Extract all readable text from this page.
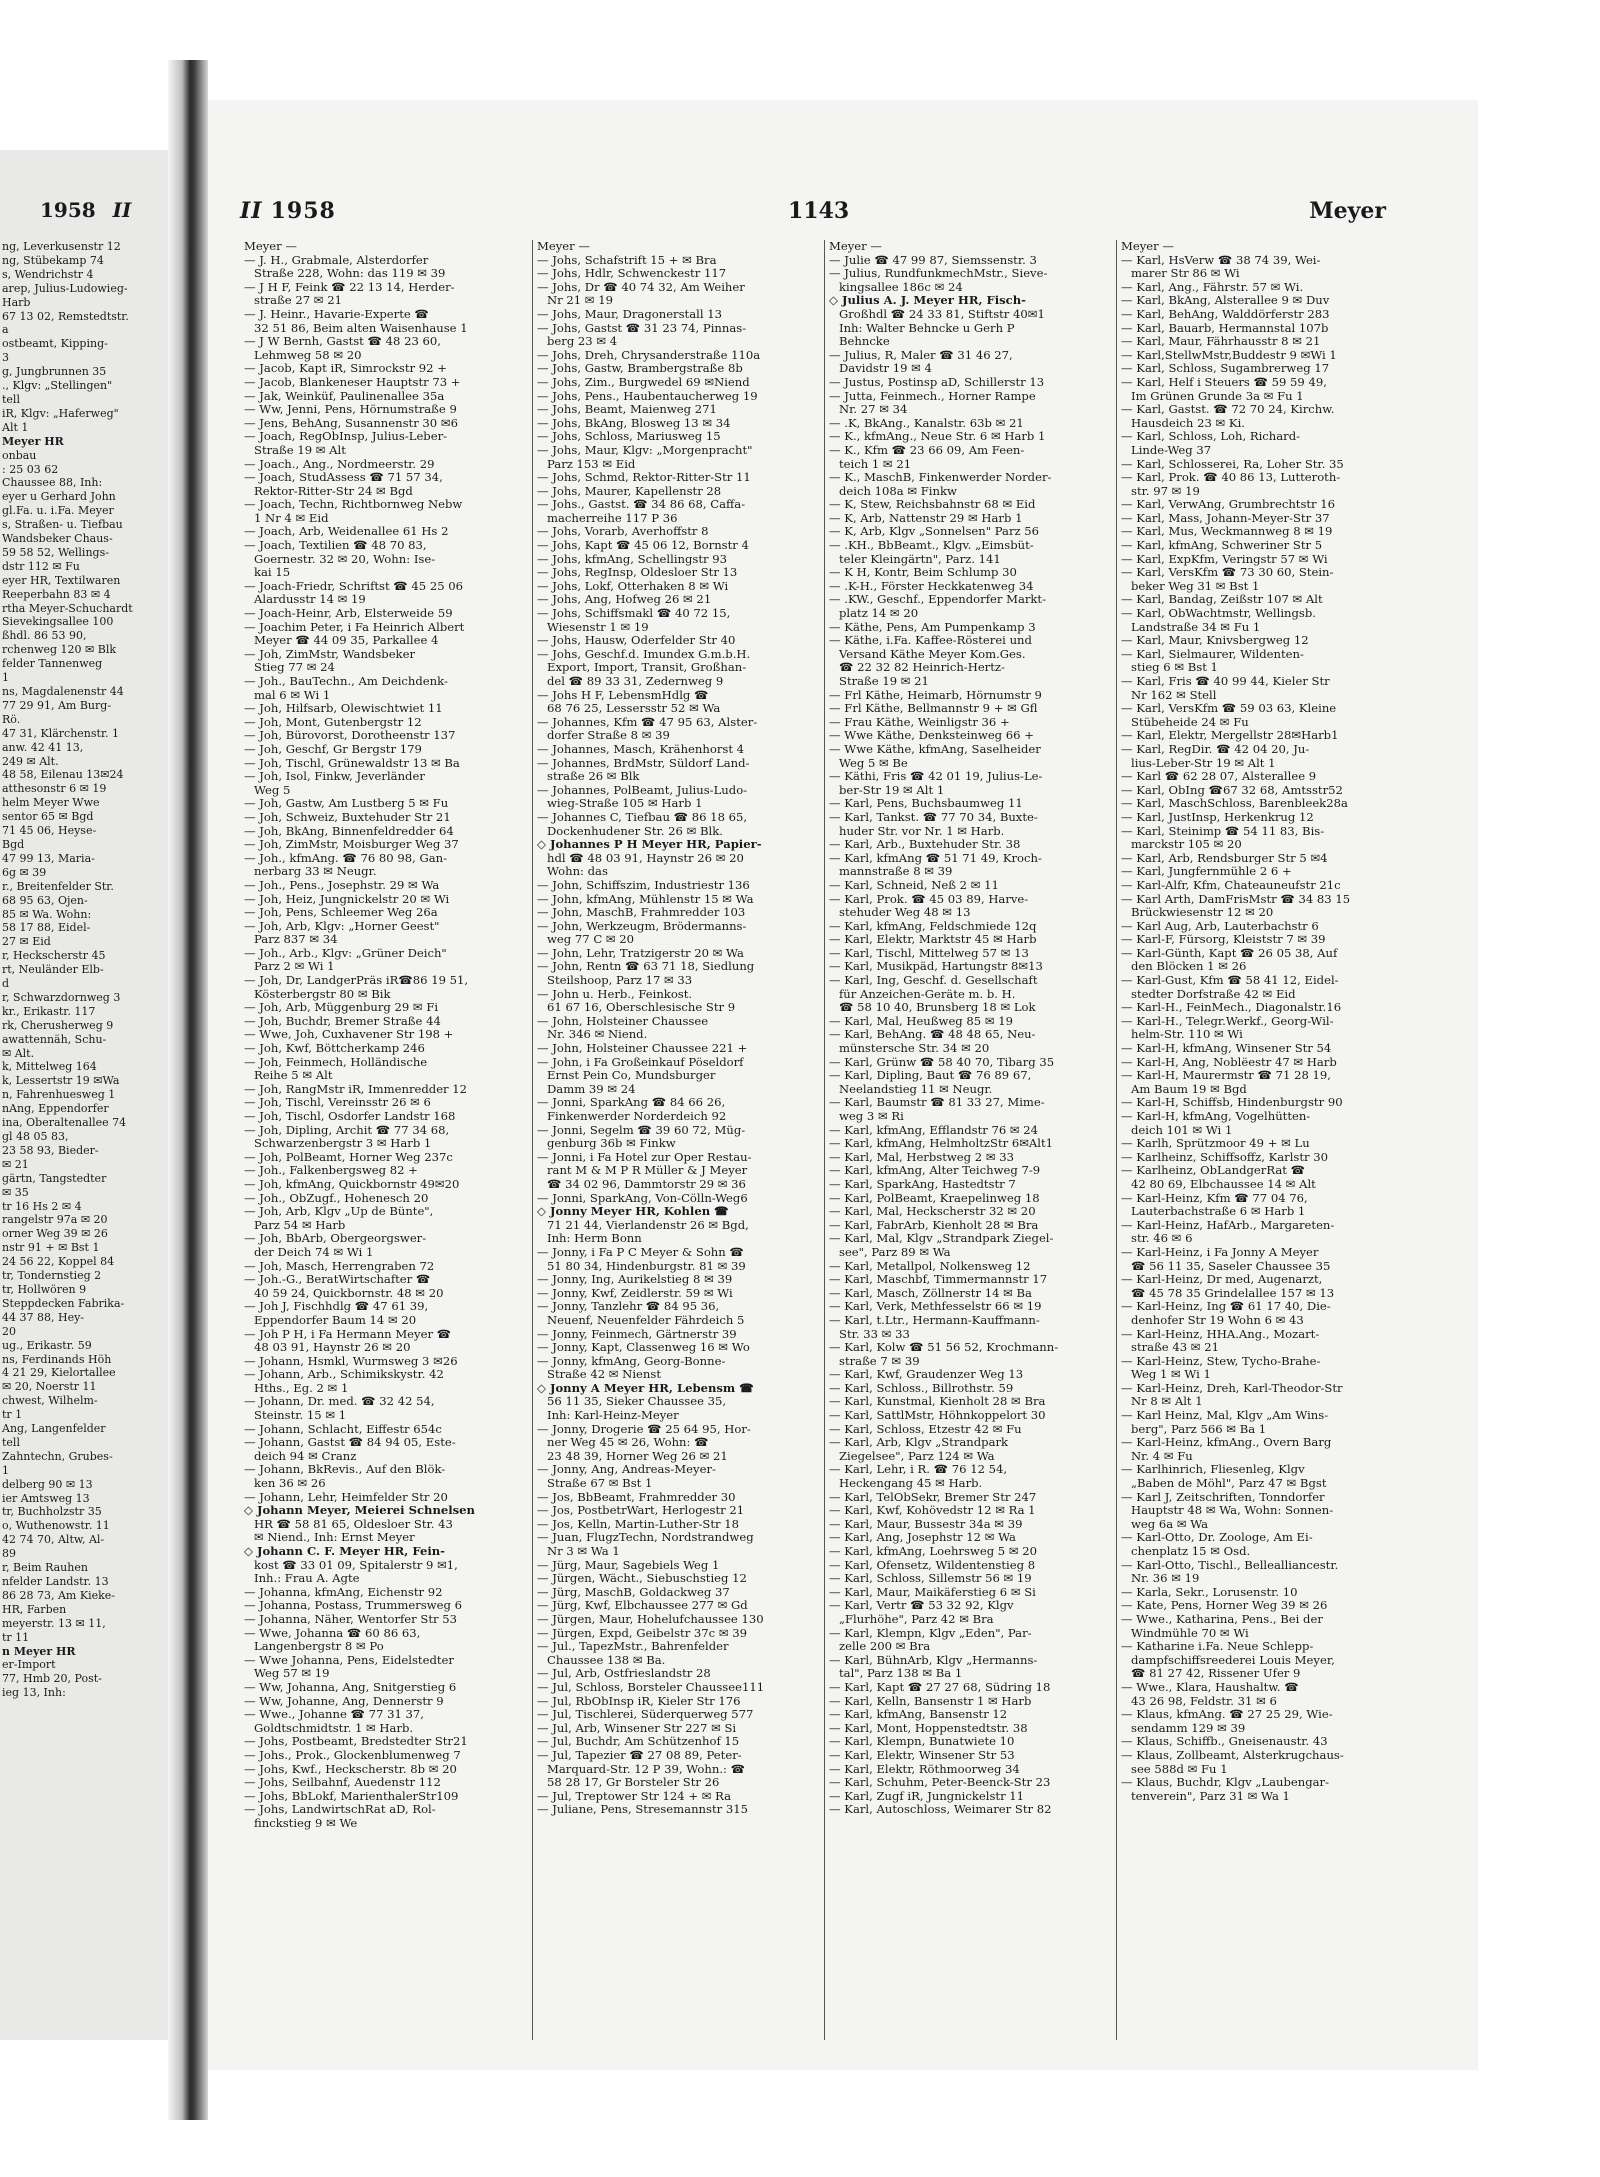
1958 II
ng, Leverkusenstr 12
ng, Stübekamp 74
s, Wendrichstr 4
arep, Julius-Ludowieg-
Harb
67 13 02, Remstedtstr.
a
ostbeamt, Kipping-
3
g, Jungbrunnen 35
., Klgv: „Stellingen"
tell
iR, Klgv: „Haferweg"
Alt 1
Meyer HR
onbau
: 25 03 62
Chaussee 88, Inh:
eyer u Gerhard John
gl.Fa. u. i.Fa. Meyer
s, Straßen- u. Tiefbau
Wandsbeker Chaus-
59 58 52, Wellings-
dstr 112 ✉ Fu
eyer HR, Textilwaren
Reeperbahn 83 ✉ 4
rtha Meyer-Schuchardt
Sievekingsallee 100
ßhdl. 86 53 90,
rchenweg 120 ✉ Blk
felder Tannenweg
1
ns, Magdalenenstr 44
77 29 91, Am Burg-
Rö.
47 31, Klärchenstr. 1
anw. 42 41 13,
249 ✉ Alt.
48 58, Eilenau 13✉24
atthesonstr 6 ✉ 19
helm Meyer Wwe
sentor 65 ✉ Bgd
71 45 06, Heyse-
Bgd
47 99 13, Maria-
6g ✉ 39
r., Breitenfelder Str.
68 95 63, Ojen-
85 ✉ Wa. Wohn:
58 17 88, Eidel-
27 ✉ Eid
r, Heckscherstr 45
rt, Neuländer Elb-
d
r, Schwarzdornweg 3
kr., Erikastr. 117
rk, Cherusherweg 9
awattennäh, Schu-
✉ Alt.
k, Mittelweg 164
k, Lessertstr 19 ✉Wa
n, Fahrenhuesweg 1
nAng, Eppendorfer
ina, Oberaltenallee 74
gl 48 05 83,
23 58 93, Bieder-
✉ 21
gärtn, Tangstedter
✉ 35
tr 16 Hs 2 ✉ 4
rangelstr 97a ✉ 20
orner Weg 39 ✉ 26
nstr 91 + ✉ Bst 1
24 56 22, Koppel 84
tr, Tondernstieg 2
tr, Hollwören 9
Steppdecken Fabrika-
44 37 88, Hey-
20
ug., Erikastr. 59
ns, Ferdinands Höh
4 21 29, Kielortallee
✉ 20, Noerstr 11
chwest, Wilhelm-
tr 1
Ang, Langenfelder
tell
Zahntechn, Grubes-
1
delberg 90 ✉ 13
ier Amtsweg 13
tr, Buchholzstr 35
o, Wuthenowstr. 11
42 74 70, Altw, Al-
89
r, Beim Rauhen
nfelder Landstr. 13
86 28 73, Am Kieke-
HR, Farben
meyerstr. 13 ✉ 11,
tr 11
n Meyer HR
er-Import
77, Hmb 20, Post-
ieg 13, Inh:
II 1958	1143	Meyer
Meyer —
— J. H., Grabmale, Alsterdorfer
Straße 228, Wohn: das 119 ✉ 39
— J H F, Feink ☎ 22 13 14, Herder-
straße 27 ✉ 21
— J. Heinr., Havarie-Experte ☎
32 51 86, Beim alten Waisenhause 1
— J W Bernh, Gastst ☎ 48 23 60,
Lehmweg 58 ✉ 20
— Jacob, Kapt iR, Simrockstr 92 +
— Jacob, Blankeneser Hauptstr 73 +
— Jak, Weinküf, Paulinenallee 35a
— Ww, Jenni, Pens, Hörnumstraße 9
— Jens, BehAng, Susannenstr 30 ✉6
— Joach, RegObInsp, Julius-Leber-
Straße 19 ✉ Alt
— Joach., Ang., Nordmeerstr. 29
— Joach, StudAssess ☎ 71 57 34,
Rektor-Ritter-Str 24 ✉ Bgd
— Joach, Techn, Richtbornweg Nebw
1 Nr 4 ✉ Eid
— Joach, Arb, Weidenallee 61 Hs 2
— Joach, Textilien ☎ 48 70 83,
Goernestr. 32 ✉ 20, Wohn: Ise-
kai 15
— Joach-Friedr, Schriftst ☎ 45 25 06
Alardusstr 14 ✉ 19
— Joach-Heinr, Arb, Elsterweide 59
— Joachim Peter, i Fa Heinrich Albert
Meyer ☎ 44 09 35, Parkallee 4
— Joh, ZimMstr, Wandsbeker
Stieg 77 ✉ 24
— Joh., BauTechn., Am Deichdenk-
mal 6 ✉ Wi 1
— Joh, Hilfsarb, Olewischtwiet 11
— Joh, Mont, Gutenbergstr 12
— Joh, Bürovorst, Dorotheenstr 137
— Joh, Geschf, Gr Bergstr 179
— Joh, Tischl, Grünewaldstr 13 ✉ Ba
— Joh, Isol, Finkw, Jeverländer
Weg 5
— Joh, Gastw, Am Lustberg 5 ✉ Fu
— Joh, Schweiz, Buxtehuder Str 21
— Joh, BkAng, Binnenfeldredder 64
— Joh, ZimMstr, Moisburger Weg 37
— Joh., kfmAng. ☎ 76 80 98, Gan-
nerbarg 33 ✉ Neugr.
— Joh., Pens., Josephstr. 29 ✉ Wa
— Joh, Heiz, Jungnickelstr 20 ✉ Wi
— Joh, Pens, Schleemer Weg 26a
— Joh, Arb, Klgv: „Horner Geest"
Parz 837 ✉ 34
— Joh., Arb., Klgv: „Grüner Deich"
Parz 2 ✉ Wi 1
— Joh, Dr, LandgerPräs iR☎86 19 51,
Kösterbergstr 80 ✉ Bik
— Joh, Arb, Müggenburg 29 ✉ Fi
— Joh, Buchdr, Bremer Straße 44
— Wwe, Joh, Cuxhavener Str 198 +
— Joh, Kwf, Böttcherkamp 246
— Joh, Feinmech, Holländische
Reihe 5 ✉ Alt
— Joh, RangMstr iR, Immenredder 12
— Joh, Tischl, Vereinsstr 26 ✉ 6
— Joh, Tischl, Osdorfer Landstr 168
— Joh, Dipling, Archit ☎ 77 34 68,
Schwarzenbergstr 3 ✉ Harb 1
— Joh, PolBeamt, Horner Weg 237c
— Joh., Falkenbergsweg 82 +
— Joh, kfmAng, Quickbornstr 49✉20
— Joh., ObZugf., Hohenesch 20
— Joh, Arb, Klgv „Up de Bünte",
Parz 54 ✉ Harb
— Joh, BbArb, Obergeorgswer-
der Deich 74 ✉ Wi 1
— Joh, Masch, Herrengraben 72
— Joh.-G., BeratWirtschafter ☎
40 59 24, Quickbornstr. 48 ✉ 20
— Joh J, Fischhdlg ☎ 47 61 39,
Eppendorfer Baum 14 ✉ 20
— Joh P H, i Fa Hermann Meyer ☎
48 03 91, Haynstr 26 ✉ 20
— Johann, Hsmkl, Wurmsweg 3 ✉26
— Johann, Arb., Schimikskystr. 42
Hths., Eg. 2 ✉ 1
— Johann, Dr. med. ☎ 32 42 54,
Steinstr. 15 ✉ 1
— Johann, Schlacht, Eiffestr 654c
— Johann, Gastst ☎ 84 94 05, Este-
deich 94 ✉ Cranz
— Johann, BkRevis., Auf den Blök-
ken 36 ✉ 26
— Johann, Lehr, Heimfelder Str 20
◇ Johann Meyer, Meierei Schnelsen
HR ☎ 58 81 65, Oldesloer Str. 43
✉ Niend., Inh: Ernst Meyer
◇ Johann C. F. Meyer HR, Fein-
kost ☎ 33 01 09, Spitalerstr 9 ✉1,
Inh.: Frau A. Agte
— Johanna, kfmAng, Eichenstr 92
— Johanna, Postass, Trummersweg 6
— Johanna, Näher, Wentorfer Str 53
— Wwe, Johanna ☎ 60 86 63,
Langenbergstr 8 ✉ Po
— Wwe Johanna, Pens, Eidelstedter
Weg 57 ✉ 19
— Ww, Johanna, Ang, Snitgerstieg 6
— Ww, Johanne, Ang, Dennerstr 9
— Wwe., Johanne ☎ 77 31 37,
Goldtschmidtstr. 1 ✉ Harb.
— Johs, Postbeamt, Bredstedter Str21
— Johs., Prok., Glockenblumenweg 7
— Johs, Kwf., Heckscherstr. 8b ✉ 20
— Johs, Seilbahnf, Auedenstr 112
— Johs, BbLokf, MarienthalerStr109
— Johs, LandwirtschRat aD, Rol-
finckstieg 9 ✉ We
Meyer —
— Johs, Schafstrift 15 + ✉ Bra
— Johs, Hdlr, Schwenckestr 117
— Johs, Dr ☎ 40 74 32, Am Weiher
Nr 21 ✉ 19
— Johs, Maur, Dragonerstall 13
— Johs, Gastst ☎ 31 23 74, Pinnas-
berg 23 ✉ 4
— Johs, Dreh, Chrysanderstraße 110a
— Johs, Gastw, Brambergstraße 8b
— Johs, Zim., Burgwedel 69 ✉Niend
— Johs, Pens., Haubentaucherweg 19
— Johs, Beamt, Maienweg 271
— Johs, BkAng, Blosweg 13 ✉ 34
— Johs, Schloss, Mariusweg 15
— Johs, Maur, Klgv: „Morgenpracht"
Parz 153 ✉ Eid
— Johs, Schmd, Rektor-Ritter-Str 11
— Johs, Maurer, Kapellenstr 28
— Johs., Gastst. ☎ 34 86 68, Caffa-
macherreihe 117 P 36
— Johs, Vorarb, Averhoffstr 8
— Johs, Kapt ☎ 45 06 12, Bornstr 4
— Johs, kfmAng, Schellingstr 93
— Johs, RegInsp, Oldesloer Str 13
— Johs, Lokf, Otterhaken 8 ✉ Wi
— Johs, Ang, Hofweg 26 ✉ 21
— Johs, Schiffsmakl ☎ 40 72 15,
Wiesenstr 1 ✉ 19
— Johs, Hausw, Oderfelder Str 40
— Johs, Geschf.d. Imundex G.m.b.H.
Export, Import, Transit, Großhan-
del ☎ 89 33 31, Zedernweg 9
— Johs H F, LebensmHdlg ☎
68 76 25, Lessersstr 52 ✉ Wa
— Johannes, Kfm ☎ 47 95 63, Alster-
dorfer Straße 8 ✉ 39
— Johannes, Masch, Krähenhorst 4
— Johannes, BrdMstr, Süldorf Land-
straße 26 ✉ Blk
— Johannes, PolBeamt, Julius-Ludo-
wieg-Straße 105 ✉ Harb 1
— Johannes C, Tiefbau ☎ 86 18 65,
Dockenhudener Str. 26 ✉ Blk.
◇ Johannes P H Meyer HR, Papier-
hdl ☎ 48 03 91, Haynstr 26 ✉ 20
Wohn: das
— John, Schiffszim, Industriestr 136
— John, kfmAng, Mühlenstr 15 ✉ Wa
— John, MaschB, Frahmredder 103
— John, Werkzeugm, Brödermanns-
weg 77 C ✉ 20
— John, Lehr, Tratzigerstr 20 ✉ Wa
— John, Rentn ☎ 63 71 18, Siedlung
Steilshoop, Parz 17 ✉ 33
— John u. Herb., Feinkost.
61 67 16, Oberschlesische Str 9
— John, Holsteiner Chaussee
Nr. 346 ✉ Niend.
— John, Holsteiner Chaussee 221 +
— John, i Fa Großeinkauf Pöseldorf
Ernst Pein Co, Mundsburger
Damm 39 ✉ 24
— Jonni, SparkAng ☎ 84 66 26,
Finkenwerder Norderdeich 92
— Jonni, Segelm ☎ 39 60 72, Müg-
genburg 36b ✉ Finkw
— Jonni, i Fa Hotel zur Oper Restau-
rant M & M P R Müller & J Meyer
☎ 34 02 96, Dammtorstr 29 ✉ 36
— Jonni, SparkAng, Von-Cölln-Weg6
◇ Jonny Meyer HR, Kohlen ☎
71 21 44, Vierlandenstr 26 ✉ Bgd,
Inh: Herm Bonn
— Jonny, i Fa P C Meyer & Sohn ☎
51 80 34, Hindenburgstr. 81 ✉ 39
— Jonny, Ing, Aurikelstieg 8 ✉ 39
— Jonny, Kwf, Zeidlerstr. 59 ✉ Wi
— Jonny, Tanzlehr ☎ 84 95 36,
Neuenf, Neuenfelder Fährdeich 5
— Jonny, Feinmech, Gärtnerstr 39
— Jonny, Kapt, Classenweg 16 ✉ Wo
— Jonny, kfmAng, Georg-Bonne-
Straße 42 ✉ Nienst
◇ Jonny A Meyer HR, Lebensm ☎
56 11 35, Sieker Chaussee 35,
Inh: Karl-Heinz-Meyer
— Jonny, Drogerie ☎ 25 64 95, Hor-
ner Weg 45 ✉ 26, Wohn: ☎
23 48 39, Horner Weg 26 ✉ 21
— Jonny, Ang, Andreas-Meyer-
Straße 67 ✉ Bst 1
— Jos, BbBeamt, Frahmredder 30
— Jos, PostbetrWart, Herlogestr 21
— Jos, Kelln, Martin-Luther-Str 18
— Juan, FlugzTechn, Nordstrandweg
Nr 3 ✉ Wa 1
— Jürg, Maur, Sagebiels Weg 1
— Jürgen, Wächt., Siebuschstieg 12
— Jürg, MaschB, Goldackweg 37
— Jürg, Kwf, Elbchaussee 277 ✉ Gd
— Jürgen, Maur, Hohelufchaussee 130
— Jürgen, Expd, Geibelstr 37c ✉ 39
— Jul., TapezMstr., Bahrenfelder
Chaussee 138 ✉ Ba.
— Jul, Arb, Ostfrieslandstr 28
— Jul, Schloss, Borsteler Chaussee111
— Jul, RbObInsp iR, Kieler Str 176
— Jul, Tischlerei, Süderquerweg 577
— Jul, Arb, Winsener Str 227 ✉ Si
— Jul, Buchdr, Am Schützenhof 15
— Jul, Tapezier ☎ 27 08 89, Peter-
Marquard-Str. 12 P 39, Wohn.: ☎
58 28 17, Gr Borsteler Str 26
— Jul, Treptower Str 124 + ✉ Ra
— Juliane, Pens, Stresemannstr 315
Meyer —
— Julie ☎ 47 99 87, Siemssenstr. 3
— Julius, RundfunkmechMstr., Sieve-
kingsallee 186c ✉ 24
◇ Julius A. J. Meyer HR, Fisch-
Großhdl ☎ 24 33 81, Stiftstr 40✉1
Inh: Walter Behncke u Gerh P
Behncke
— Julius, R, Maler ☎ 31 46 27,
Davidstr 19 ✉ 4
— Justus, Postinsp aD, Schillerstr 13
— Jutta, Feinmech., Horner Rampe
Nr. 27 ✉ 34
— .K, BkAng., Kanalstr. 63b ✉ 21
— K., kfmAng., Neue Str. 6 ✉ Harb 1
— K., Kfm ☎ 23 66 09, Am Feen-
teich 1 ✉ 21
— K., MaschB, Finkenwerder Norder-
deich 108a ✉ Finkw
— K, Stew, Reichsbahnstr 68 ✉ Eid
— K, Arb, Nattenstr 29 ✉ Harb 1
— K, Arb, Klgv „Sonnelsen" Parz 56
— .KH., BbBeamt., Klgv. „Eimsbüt-
teler Kleingärtn", Parz. 141
— K H, Kontr, Beim Schlump 30
— .K-H., Förster Heckkatenweg 34
— .KW., Geschf., Eppendorfer Markt-
platz 14 ✉ 20
— Käthe, Pens, Am Pumpenkamp 3
— Käthe, i.Fa. Kaffee-Rösterei und
Versand Käthe Meyer Kom.Ges.
☎ 22 32 82 Heinrich-Hertz-
Straße 19 ✉ 21
— Frl Käthe, Heimarb, Hörnumstr 9
— Frl Käthe, Bellmannstr 9 + ✉ Gfl
— Frau Käthe, Weinligstr 36 +
— Wwe Käthe, Denksteinweg 66 +
— Wwe Käthe, kfmAng, Saselheider
Weg 5 ✉ Be
— Käthi, Fris ☎ 42 01 19, Julius-Le-
ber-Str 19 ✉ Alt 1
— Karl, Pens, Buchsbaumweg 11
— Karl, Tankst. ☎ 77 70 34, Buxte-
huder Str. vor Nr. 1 ✉ Harb.
— Karl, Arb., Buxtehuder Str. 38
— Karl, kfmAng ☎ 51 71 49, Kroch-
mannstraße 8 ✉ 39
— Karl, Schneid, Neß 2 ✉ 11
— Karl, Prok. ☎ 45 03 89, Harve-
stehuder Weg 48 ✉ 13
— Karl, kfmAng, Feldschmiede 12q
— Karl, Elektr, Marktstr 45 ✉ Harb
— Karl, Tischl, Mittelweg 57 ✉ 13
— Karl, Musikpäd, Hartungstr 8✉13
— Karl, Ing, Geschf. d. Gesellschaft
für Anzeichen-Geräte m. b. H.
☎ 58 10 40, Brunsberg 18 ✉ Lok
— Karl, Mal, Heußweg 85 ✉ 19
— Karl, BehAng. ☎ 48 48 65, Neu-
münstersche Str. 34 ✉ 20
— Karl, Grünw ☎ 58 40 70, Tibarg 35
— Karl, Dipling, Baut ☎ 76 89 67,
Neelandstieg 11 ✉ Neugr.
— Karl, Baumstr ☎ 81 33 27, Mime-
weg 3 ✉ Ri
— Karl, kfmAng, Efflandstr 76 ✉ 24
— Karl, kfmAng, HelmholtzStr 6✉Alt1
— Karl, Mal, Herbstweg 2 ✉ 33
— Karl, kfmAng, Alter Teichweg 7-9
— Karl, SparkAng, Hastedtstr 7
— Karl, PolBeamt, Kraepelinweg 18
— Karl, Mal, Heckscherstr 32 ✉ 20
— Karl, FabrArb, Kienholt 28 ✉ Bra
— Karl, Mal, Klgv „Strandpark Ziegel-
see", Parz 89 ✉ Wa
— Karl, Metallpol, Nolkensweg 12
— Karl, Maschbf, Timmermannstr 17
— Karl, Masch, Zöllnerstr 14 ✉ Ba
— Karl, Verk, Methfesselstr 66 ✉ 19
— Karl, t.Ltr., Hermann-Kauffmann-
Str. 33 ✉ 33
— Karl, Kolw ☎ 51 56 52, Krochmann-
straße 7 ✉ 39
— Karl, Kwf, Graudenzer Weg 13
— Karl, Schloss., Billrothstr. 59
— Karl, Kunstmal, Kienholt 28 ✉ Bra
— Karl, SattlMstr, Höhnkoppelort 30
— Karl, Schloss, Etzestr 42 ✉ Fu
— Karl, Arb, Klgv „Strandpark
Ziegelsee", Parz 124 ✉ Wa
— Karl, Lehr, i R. ☎ 76 12 54,
Heckengang 45 ✉ Harb.
— Karl, TelObSekr, Bremer Str 247
— Karl, Kwf, Kohövedstr 12 ✉ Ra 1
— Karl, Maur, Bussestr 34a ✉ 39
— Karl, Ang, Josephstr 12 ✉ Wa
— Karl, kfmAng, Loehrsweg 5 ✉ 20
— Karl, Ofensetz, Wildentenstieg 8
— Karl, Schloss, Sillemstr 56 ✉ 19
— Karl, Maur, Maikäferstieg 6 ✉ Si
— Karl, Vertr ☎ 53 32 92, Klgv
„Flurhöhe", Parz 42 ✉ Bra
— Karl, Klempn, Klgv „Eden", Par-
zelle 200 ✉ Bra
— Karl, BühnArb, Klgv „Hermanns-
tal", Parz 138 ✉ Ba 1
— Karl, Kapt ☎ 27 27 68, Südring 18
— Karl, Kelln, Bansenstr 1 ✉ Harb
— Karl, kfmAng, Bansenstr 12
— Karl, Mont, Hoppenstedtstr. 38
— Karl, Klempn, Bunatwiete 10
— Karl, Elektr, Winsener Str 53
— Karl, Elektr, Röthmoorweg 34
— Karl, Schuhm, Peter-Beenck-Str 23
— Karl, Zugf iR, Jungnickelstr 11
— Karl, Autoschloss, Weimarer Str 82
Meyer —
— Karl, HsVerw ☎ 38 74 39, Wei-
marer Str 86 ✉ Wi
— Karl, Ang., Fährstr. 57 ✉ Wi.
— Karl, BkAng, Alsterallee 9 ✉ Duv
— Karl, BehAng, Walddörferstr 283
— Karl, Bauarb, Hermannstal 107b
— Karl, Maur, Fährhausstr 8 ✉ 21
— Karl,StellwMstr,Buddestr 9 ✉Wi 1
— Karl, Schloss, Sugambrerweg 17
— Karl, Helf i Steuers ☎ 59 59 49,
Im Grünen Grunde 3a ✉ Fu 1
— Karl, Gastst. ☎ 72 70 24, Kirchw.
Hausdeich 23 ✉ Ki.
— Karl, Schloss, Loh, Richard-
Linde-Weg 37
— Karl, Schlosserei, Ra, Loher Str. 35
— Karl, Prok. ☎ 40 86 13, Lutteroth-
str. 97 ✉ 19
— Karl, VerwAng, Grumbrechtstr 16
— Karl, Mass, Johann-Meyer-Str 37
— Karl, Mus, Weckmannweg 8 ✉ 19
— Karl, kfmAng, Schweriner Str 5
— Karl, ExpKfm, Veringstr 57 ✉ Wi
— Karl, VersKfm ☎ 73 30 60, Stein-
beker Weg 31 ✉ Bst 1
— Karl, Bandag, Zeißstr 107 ✉ Alt
— Karl, ObWachtmstr, Wellingsb.
Landstraße 34 ✉ Fu 1
— Karl, Maur, Knivsbergweg 12
— Karl, Sielmaurer, Wildenten-
stieg 6 ✉ Bst 1
— Karl, Fris ☎ 40 99 44, Kieler Str
Nr 162 ✉ Stell
— Karl, VersKfm ☎ 59 03 63, Kleine
Stübeheide 24 ✉ Fu
— Karl, Elektr, Mergellstr 28✉Harb1
— Karl, RegDir. ☎ 42 04 20, Ju-
lius-Leber-Str 19 ✉ Alt 1
— Karl ☎ 62 28 07, Alsterallee 9
— Karl, ObIng ☎67 32 68, Amtsstr52
— Karl, MaschSchloss, Barenbleek28a
— Karl, JustInsp, Herkenkrug 12
— Karl, Steinimp ☎ 54 11 83, Bis-
marckstr 105 ✉ 20
— Karl, Arb, Rendsburger Str 5 ✉4
— Karl, Jungfernmühle 2 6 +
— Karl-Alfr, Kfm, Chateauneufstr 21c
— Karl Arth, DamFrisMstr ☎ 34 83 15
Brückwiesenstr 12 ✉ 20
— Karl Aug, Arb, Lauterbachstr 6
— Karl-F, Fürsorg, Kleiststr 7 ✉ 39
— Karl-Günth, Kapt ☎ 26 05 38, Auf
den Blöcken 1 ✉ 26
— Karl-Gust, Kfm ☎ 58 41 12, Eidel-
stedter Dorfstraße 42 ✉ Eid
— Karl-H., FeinMech., Diagonalstr.16
— Karl-H., Telegr.Werkf., Georg-Wil-
helm-Str. 110 ✉ Wi
— Karl-H, kfmAng, Winsener Str 54
— Karl-H, Ang, Noblëestr 47 ✉ Harb
— Karl-H, Maurermstr ☎ 71 28 19,
Am Baum 19 ✉ Bgd
— Karl-H, Schiffsb, Hindenburgstr 90
— Karl-H, kfmAng, Vogelhütten-
deich 101 ✉ Wi 1
— Karlh, Sprützmoor 49 + ✉ Lu
— Karlheinz, Schiffsoffz, Karlstr 30
— Karlheinz, ObLandgerRat ☎
42 80 69, Elbchaussee 14 ✉ Alt
— Karl-Heinz, Kfm ☎ 77 04 76,
Lauterbachstraße 6 ✉ Harb 1
— Karl-Heinz, HafArb., Margareten-
str. 46 ✉ 6
— Karl-Heinz, i Fa Jonny A Meyer
☎ 56 11 35, Saseler Chaussee 35
— Karl-Heinz, Dr med, Augenarzt,
☎ 45 78 35 Grindelallee 157 ✉ 13
— Karl-Heinz, Ing ☎ 61 17 40, Die-
denhofer Str 19 Wohn 6 ✉ 43
— Karl-Heinz, HHA.Ang., Mozart-
straße 43 ✉ 21
— Karl-Heinz, Stew, Tycho-Brahe-
Weg 1 ✉ Wi 1
— Karl-Heinz, Dreh, Karl-Theodor-Str
Nr 8 ✉ Alt 1
— Karl Heinz, Mal, Klgv „Am Wins-
berg", Parz 566 ✉ Ba 1
— Karl-Heinz, kfmAng., Overn Barg
Nr. 4 ✉ Fu
— Karlhinrich, Fliesenleg, Klgv
„Baben de Möhl", Parz 47 ✉ Bgst
— Karl J, Zeitschriften, Tonndorfer
Hauptstr 48 ✉ Wa, Wohn: Sonnen-
weg 6a ✉ Wa
— Karl-Otto, Dr. Zoologe, Am Ei-
chenplatz 15 ✉ Osd.
— Karl-Otto, Tischl., Bellealliancestr.
Nr. 36 ✉ 19
— Karla, Sekr., Lorusenstr. 10
— Kate, Pens, Horner Weg 39 ✉ 26
— Wwe., Katharina, Pens., Bei der
Windmühle 70 ✉ Wi
— Katharine i.Fa. Neue Schlepp-
dampfschiffsreederei Louis Meyer,
☎ 81 27 42, Rissener Ufer 9
— Wwe., Klara, Haushaltw. ☎
43 26 98, Feldstr. 31 ✉ 6
— Klaus, kfmAng. ☎ 27 25 29, Wie-
sendamm 129 ✉ 39
— Klaus, Schiffb., Gneisenaustr. 43
— Klaus, Zollbeamt, Alsterkrugchaus-
see 588d ✉ Fu 1
— Klaus, Buchdr, Klgv „Laubengar-
tenverein", Parz 31 ✉ Wa 1
